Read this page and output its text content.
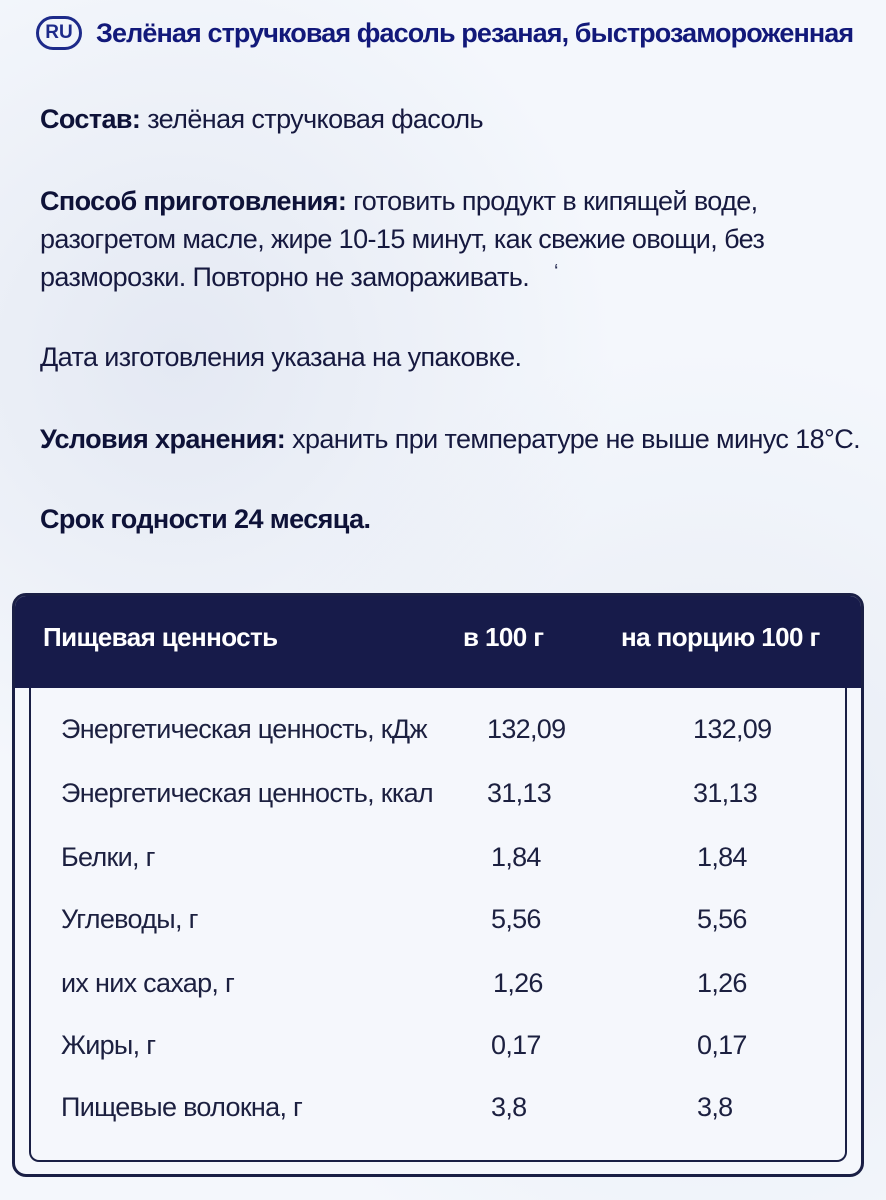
RU Зелёная стручковая фасоль резаная, быстрозамороженная
Состав: зелёная стручковая фасоль
Способ приготовления: готовить продукт в кипящей воде,
разогретом масле, жире 10-15 минут, как свежие овощи, без
разморозки. Повторно не замораживать.	ʻ
Дата изготовления указана на упаковке.
Условия хранения: хранить при температуре не выше минус 18°С.
Срок годности 24 месяца.
Пищевая ценность	в 100 г	на порцию 100 г
Энергетическая ценность, кДж 132,09	132,09
Энергетическая ценность, ккал 31,13	31,13
Белки, г	1,84	1,84
Углеводы, г	5,56	5,56
их них сахар, г	1,26	1,26
Жиры, г	0,17	0,17
Пищевые волокна, г	3,8	3,8
